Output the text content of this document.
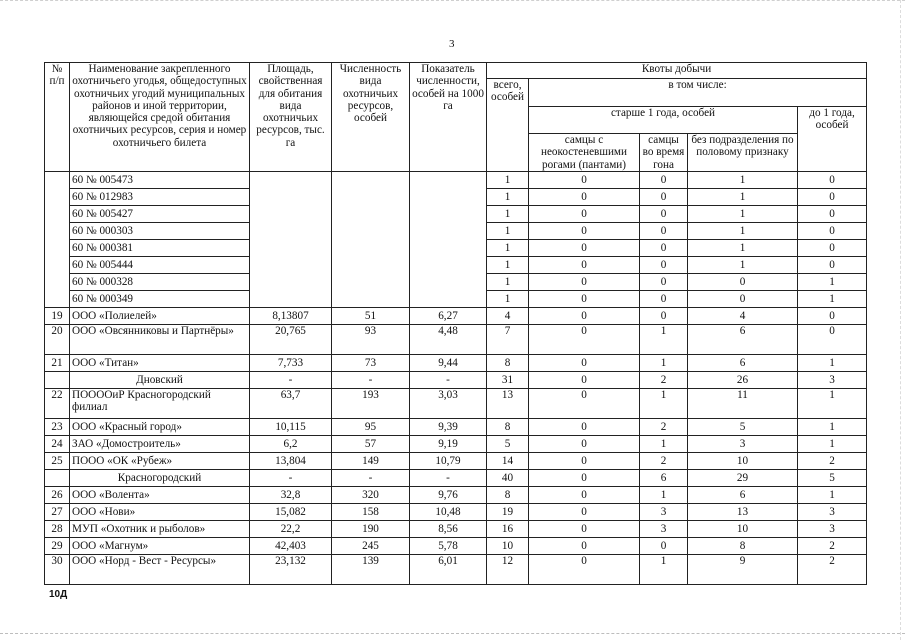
3
№ п/п	Наименование закрепленного охотничьего угодья, общедоступных охотничьих угодий муниципальных районов и иной территории, являющейся средой обитания охотничьих ресурсов, серия и номер охотничьего билета	Площадь, свойственная для обитания вида охотничьих ресурсов, тыс. га	Численность вида охотничьих ресурсов, особей	Показатель численности, особей на 1000 га	Квоты добычи				
					всего, особей	в том числе:			
						старше 1 года, особей			до 1 года, особей
						самцы с неокостеневшими рогами (пантами)	самцы во время гона	без подразделения по половому признаку	
	60 № 005473				1	0	0	1	0
	60 № 012983				1	0	0	1	0
	60 № 005427				1	0	0	1	0
	60 № 000303				1	0	0	1	0
	60 № 000381				1	0	0	1	0
	60 № 005444				1	0	0	1	0
	60 № 000328				1	0	0	0	1
	60 № 000349				1	0	0	0	1
19	ООО «Полиелей»	8,13807	51	6,27	4	0	0	4	0
20	ООО «Овсянниковы и Партнёры»	20,765	93	4,48	7	0	1	6	0
21	ООО «Титан»	7,733	73	9,44	8	0	1	6	1
	Дновский	-	-	-	31	0	2	26	3
22	ПООООиР Красногородский филиал	63,7	193	3,03	13	0	1	11	1
23	ООО «Красный город»	10,115	95	9,39	8	0	2	5	1
24	ЗАО «Домостроитель»	6,2	57	9,19	5	0	1	3	1
25	ПООО «ОК «Рубеж»	13,804	149	10,79	14	0	2	10	2
	Красногородский	-	-	-	40	0	6	29	5
26	ООО «Волента»	32,8	320	9,76	8	0	1	6	1
27	ООО «Нови»	15,082	158	10,48	19	0	3	13	3
28	МУП «Охотник и рыболов»	22,2	190	8,56	16	0	3	10	3
29	ООО «Магнум»	42,403	245	5,78	10	0	0	8	2
30	ООО «Норд - Вест - Ресурсы»	23,132	139	6,01	12	0	1	9	2
10Д
